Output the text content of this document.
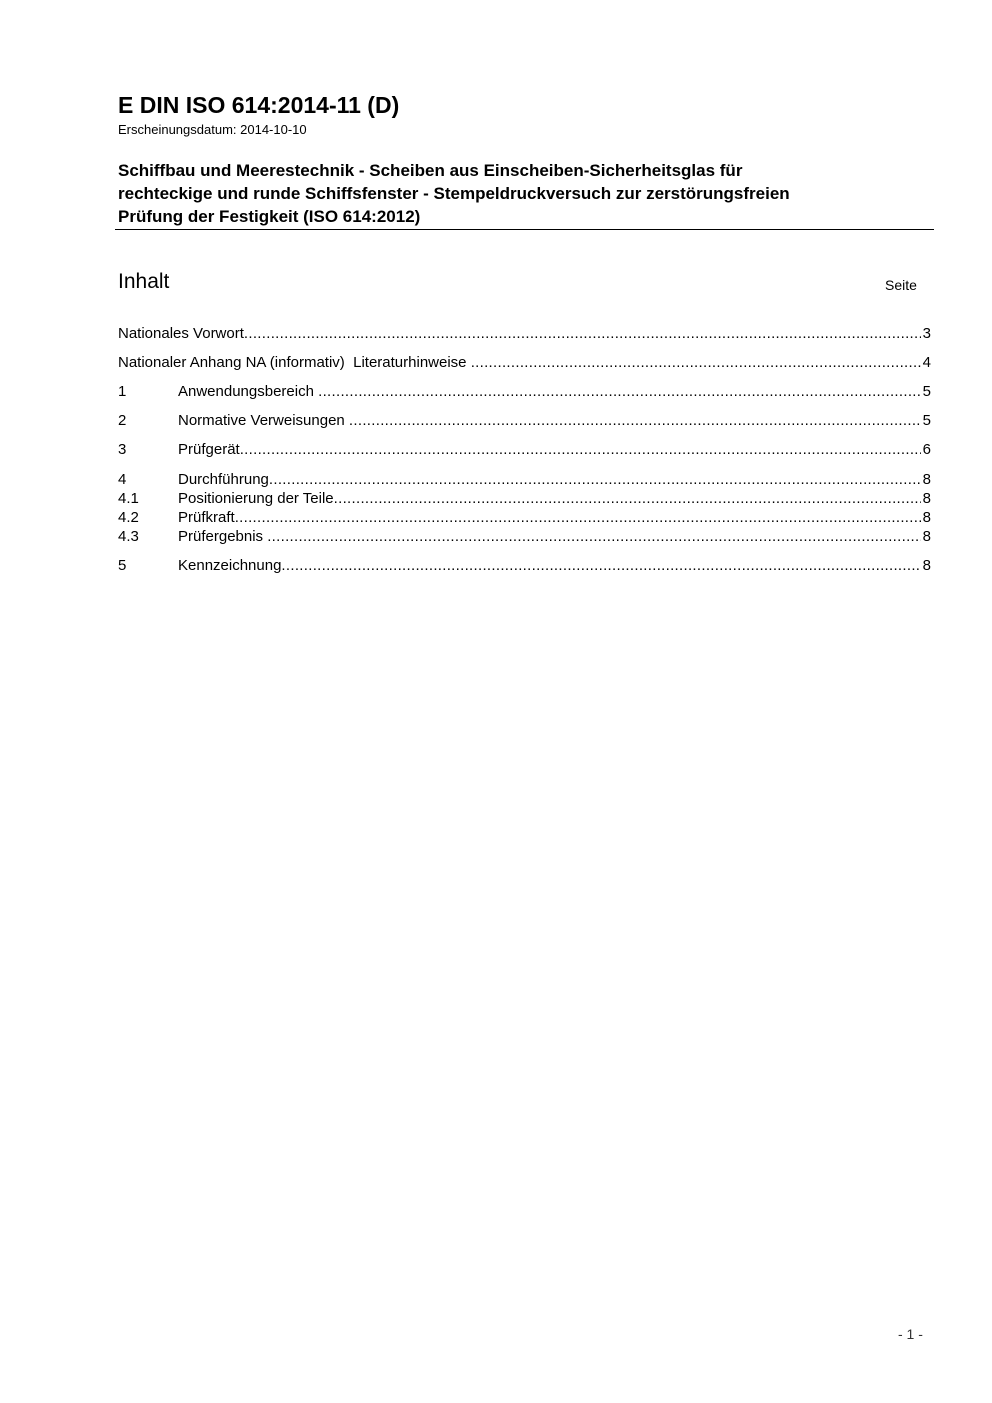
E DIN ISO 614:2014-11 (D)
Erscheinungsdatum: 2014-10-10
Schiffbau und Meerestechnik - Scheiben aus Einscheiben-Sicherheitsglas für
rechteckige und runde Schiffsfenster - Stempeldruckversuch zur zerstörungsfreien
Prüfung der Festigkeit (ISO 614:2012)
Inhalt	Seite
Nationales Vorwort .....	3
Nationaler Anhang NA (informativ)  Literaturhinweise .....	4
1	Anwendungsbereich .....	5
2	Normative Verweisungen .....	5
3	Prüfgerät .....	6
4	Durchführung .....	8
4.1	Positionierung der Teile .....	8
4.2	Prüfkraft .....	8
4.3	Prüfergebnis .....	8
5	Kennzeichnung .....	8
- 1 -
